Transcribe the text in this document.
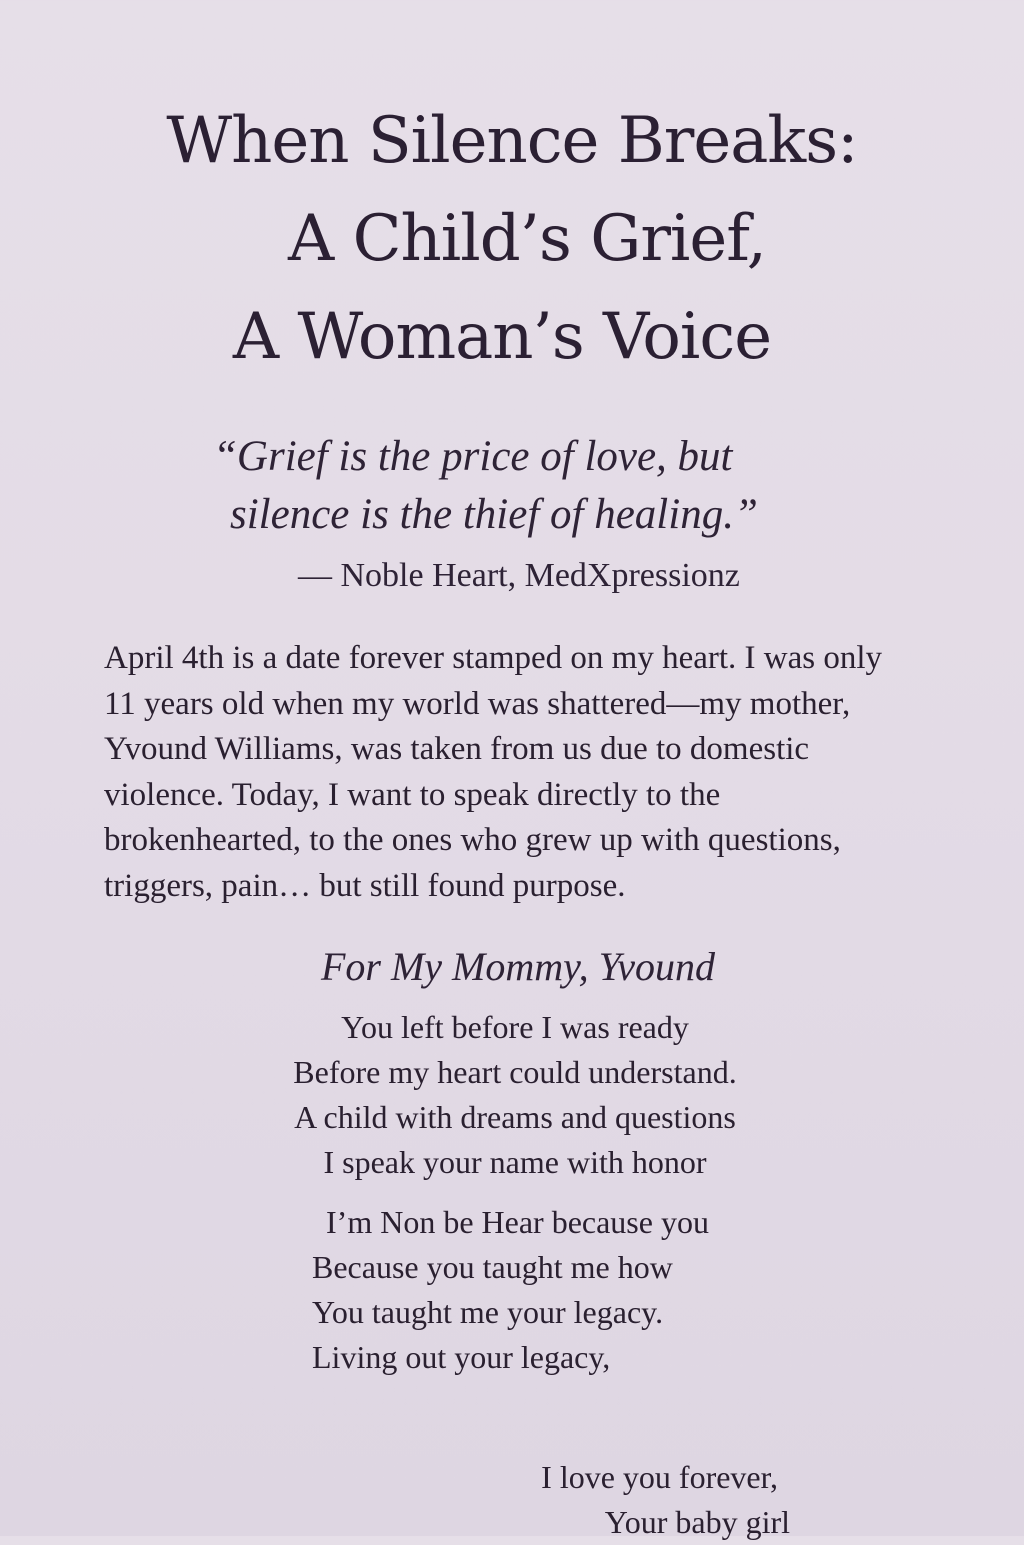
When Silence Breaks:
A Child’s Grief,
A Woman’s Voice
“Grief is the price of love, but
silence is the thief of healing.”

— Noble Heart, MedXpressionz

April 4th is a date forever stamped on my heart. I was only
11 years old when my world was shattered—my mother,
Yvound Williams, was taken from us due to domestic
violence. Today, I want to speak directly to the
brokenhearted, to the ones who grew up with questions,
triggers, pain… but still found purpose.

For My Mommy, Yvound

You left before I was ready
Before my heart could understand.
A child with dreams and questions
I speak your name with honor

I’m Non be Hear because you
Because you taught me how
You taught me your legacy.
Living out your legacy,

I love you forever,
Your baby girl
